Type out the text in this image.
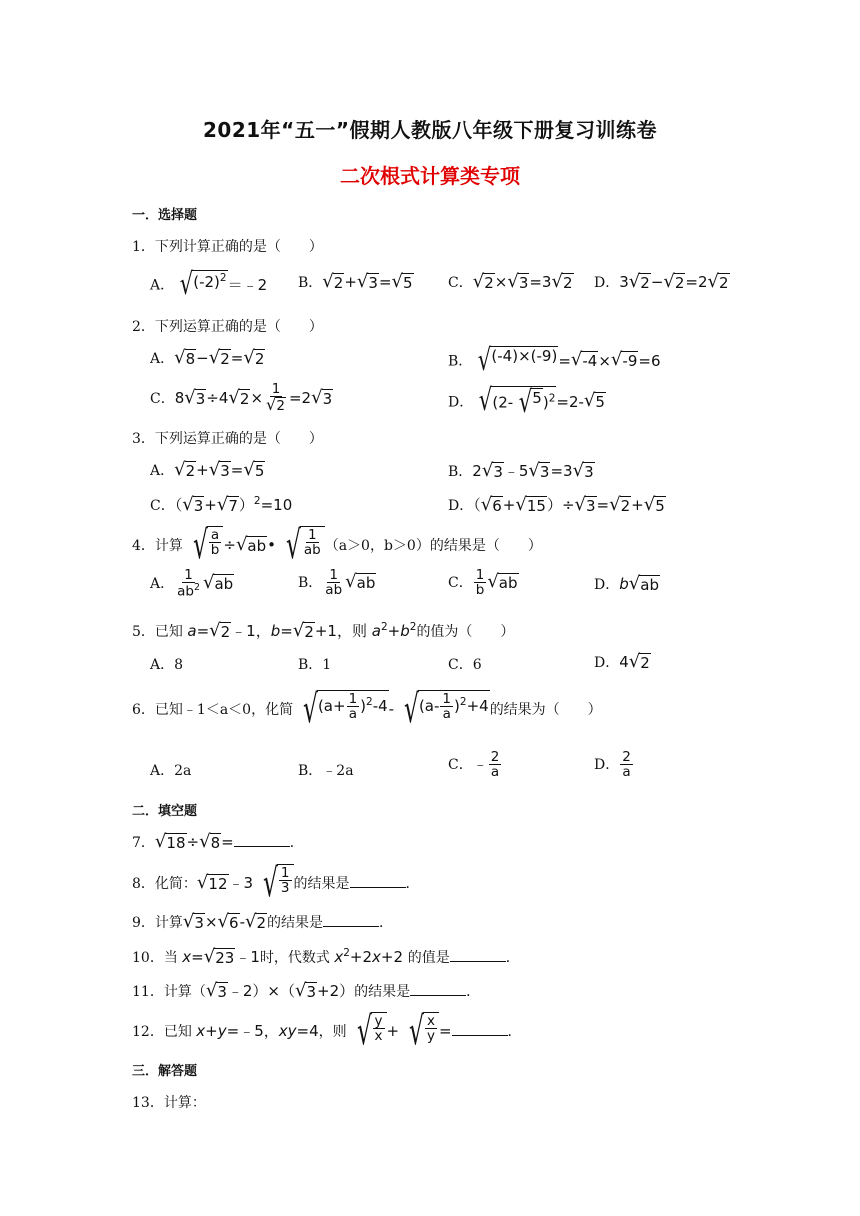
2021年“五一”假期人教版八年级下册复习训练卷
二次根式计算类专项
一．选择题
1．下列计算正确的是（　　）
A． √ $(-2)^2$ ＝﹣2 B． √ 2 + √ 3 = √ 5	C． √ 2 × √ 3 =3 √ 2 D．3 √ 2 − √ 2 =2 √ 2
2．下列运算正确的是（　　）
A． √ 8 − √ 2 = √ 2	B． √ (-4)×(-9) = √ -4 × √ -9 =6
C．8 √ 3 ÷4 √ $2 \times \frac{1}{√ 2} =2$ √ 3	D． √ (2- √ 5 )$^2$ =2- √ 5
3．下列运算正确的是（　　）
A． √ 2 + √ 3 = √ 5	B．2 √ 3 ﹣5 √ 3 =3 √ 3
C．（ √ 3 + √ 7 ）$^2$=10	D．（ √ 6 + √ 15 ）÷ √ 3 = √ 2 + √ 5
4．计算 √ $\frac{a}{b}$ ÷ √ ab • √ $\frac{1}{ab} (a>0$，b＞0）的结果是（　　）
A． $\frac{1}{ab^2}$ √ ab	B． $\frac{1}{ab}$ √ ab	C． $\frac{1}{b}$ √ ab	D．b √ ab
5．已知 a= √ 2 ﹣1，b= √ 2 +1，则 $a^2+b^2$的值为（　　）
A．8	B．1	C．6	D．4 √ 2
6．已知﹣1＜a＜0，化简 √ $(a+ \frac{1}{a} )^2-4$ - √ $(a- \frac{1}{a} )^2+4$ 的结果为（　　）
A．2a	B．﹣2a	C．﹣ $\frac{2}{a}$	D． $\frac{2}{a}$
二．填空题
7． √ 18 ÷ √ 8 =	．
8．化简： √ 12 ﹣3 √ $\frac{1}{3}$ 的结果是	．
9．计算 √ 3 × √ 6 - √ 2 的结果是	．
10．当 x= √ 23 ﹣1时，代数式 $x^2+2x+2$ 的值是	．
11．计算（ √ 3 ﹣2）×（ √ 3 +2）的结果是	．
12．已知 x+y=﹣5，xy=4，则 √ $\frac{y}{x}$ + √ $\frac{x}{y}$ =	．
三．解答题
13．计算：
